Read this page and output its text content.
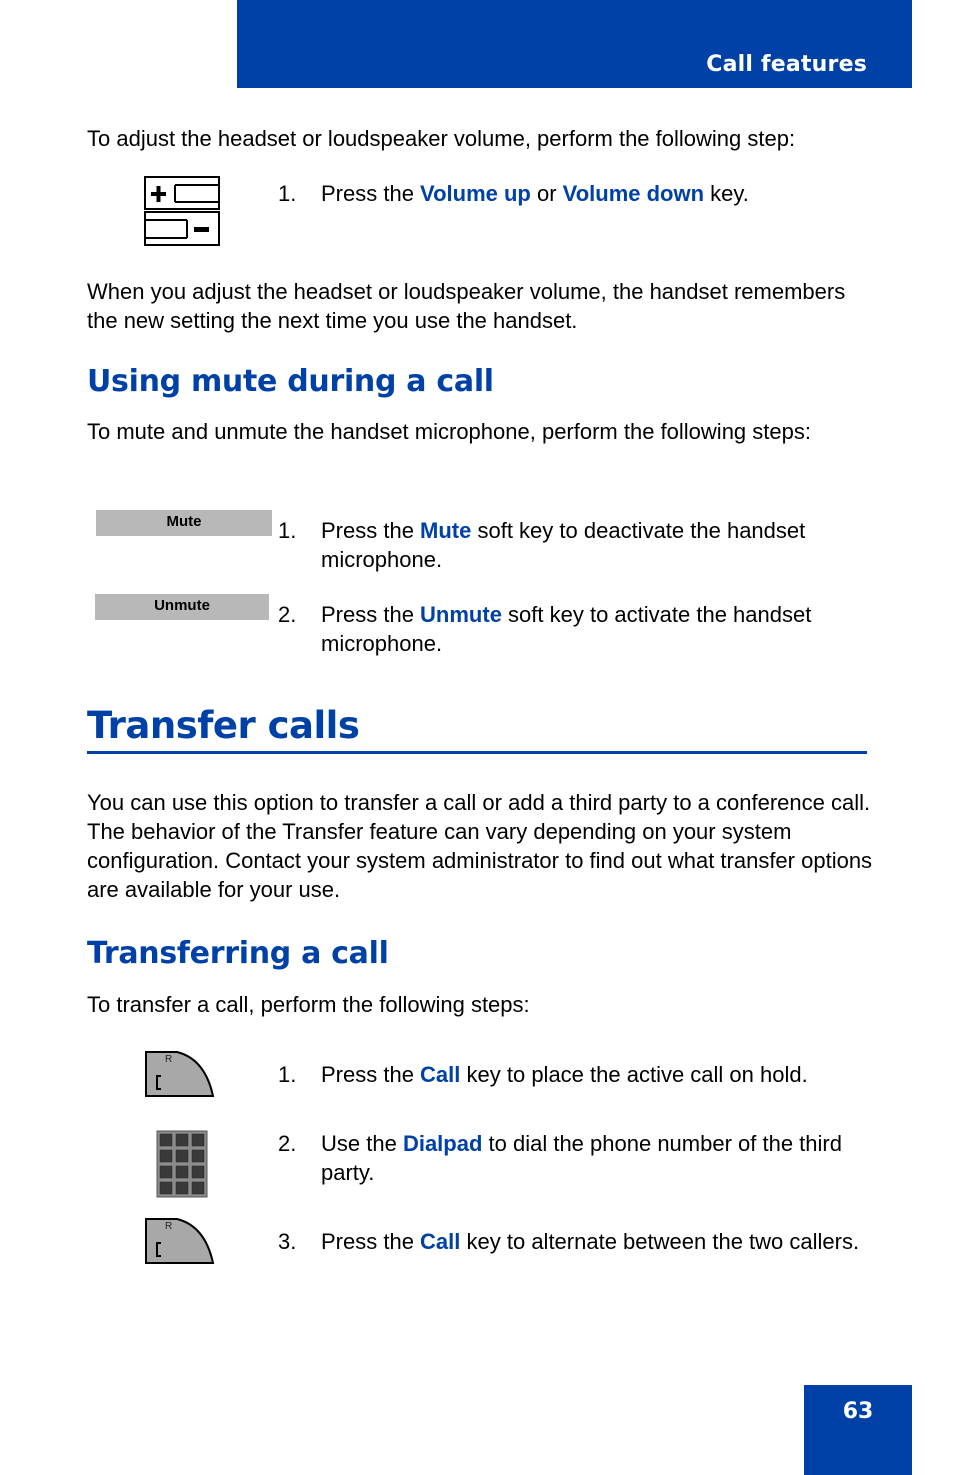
Call features

To adjust the headset or loudspeaker volume, perform the following step:

1. Press the Volume up or Volume down key.

When you adjust the headset or loudspeaker volume, the handset remembers the new setting the next time you use the handset.

Using mute during a call

To mute and unmute the handset microphone, perform the following steps:

Mute	1. Press the Mute soft key to deactivate the handset microphone.
Unmute	2. Press the Unmute soft key to activate the handset microphone.
Transfer calls

You can use this option to transfer a call or add a third party to a conference call. The behavior of the Transfer feature can vary depending on your system configuration. Contact your system administrator to find out what transfer options are available for your use.

Transferring a call

To transfer a call, perform the following steps:

R
1. Press the Call key to place the active call on hold.
2. Use the Dialpad to dial the phone number of the third party.
R
3. Press the Call key to alternate between the two callers.
63
